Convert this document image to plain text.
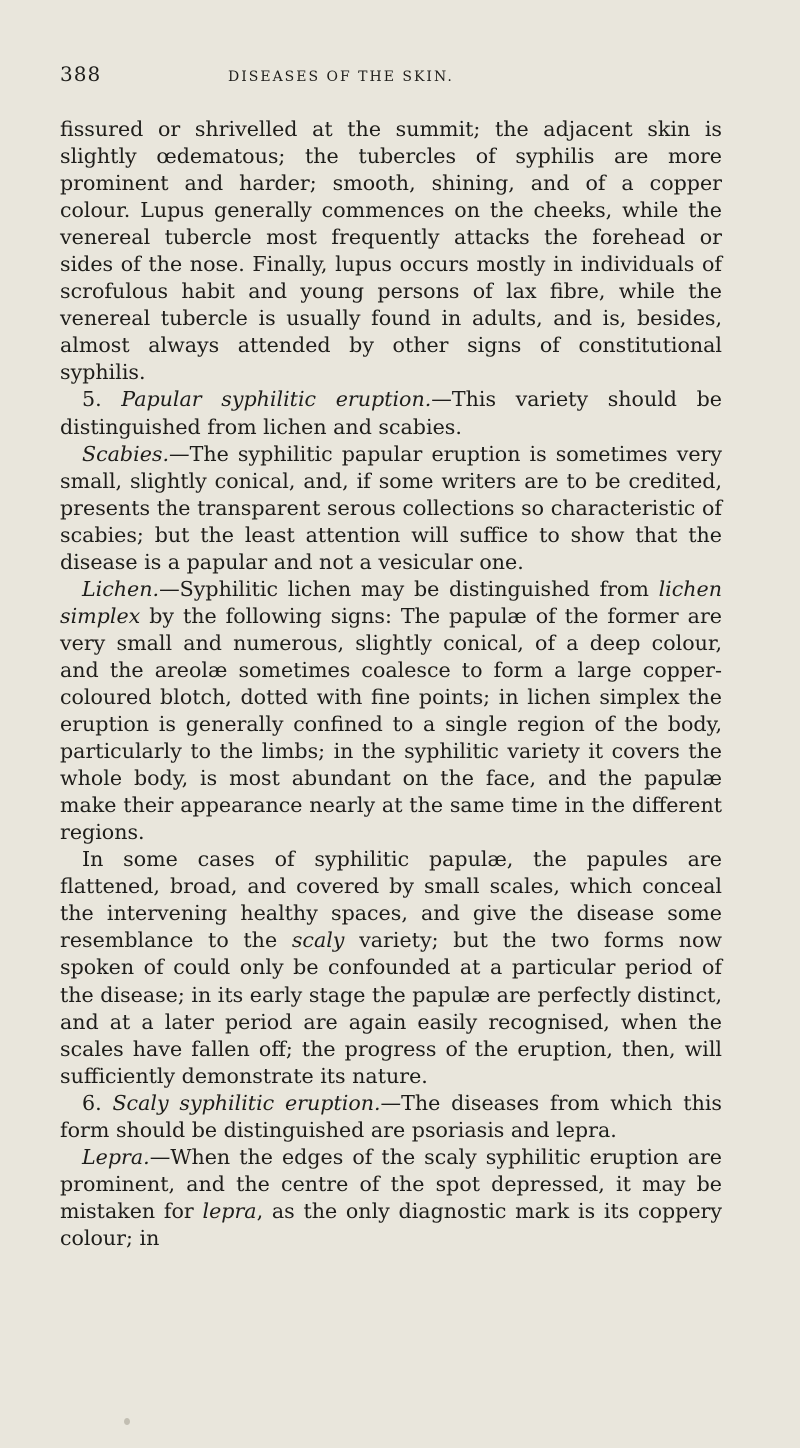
388	DISEASES OF THE SKIN.

fissured or shrivelled at the summit; the adjacent skin is slightly œdematous; the tubercles of syphilis are more prominent and harder; smooth, shining, and of a copper colour. Lupus generally commences on the cheeks, while the venereal tubercle most frequently attacks the forehead or sides of the nose. Finally, lupus occurs mostly in individuals of scrofulous habit and young persons of lax fibre, while the venereal tubercle is usually found in adults, and is, besides, almost always attended by other signs of constitutional syphilis.

5. Papular syphilitic eruption.—This variety should be distinguished from lichen and scabies.

Scabies.—The syphilitic papular eruption is sometimes very small, slightly conical, and, if some writers are to be credited, presents the transparent serous collections so characteristic of scabies; but the least attention will suffice to show that the disease is a papular and not a vesicular one.

Lichen.—Syphilitic lichen may be distinguished from lichen simplex by the following signs: The papulæ of the former are very small and numerous, slightly conical, of a deep colour, and the areolæ sometimes coalesce to form a large copper-coloured blotch, dotted with fine points; in lichen simplex the eruption is generally confined to a single region of the body, particularly to the limbs; in the syphilitic variety it covers the whole body, is most abundant on the face, and the papulæ make their appearance nearly at the same time in the different regions.

In some cases of syphilitic papulæ, the papules are flattened, broad, and covered by small scales, which conceal the intervening healthy spaces, and give the disease some resemblance to the scaly variety; but the two forms now spoken of could only be confounded at a particular period of the disease; in its early stage the papulæ are perfectly distinct, and at a later period are again easily recognised, when the scales have fallen off; the progress of the eruption, then, will sufficiently demonstrate its nature.

6. Scaly syphilitic eruption.—The diseases from which this form should be distinguished are psoriasis and lepra.

Lepra.—When the edges of the scaly syphilitic eruption are prominent, and the centre of the spot depressed, it may be mistaken for lepra, as the only diagnostic mark is its coppery colour; in
